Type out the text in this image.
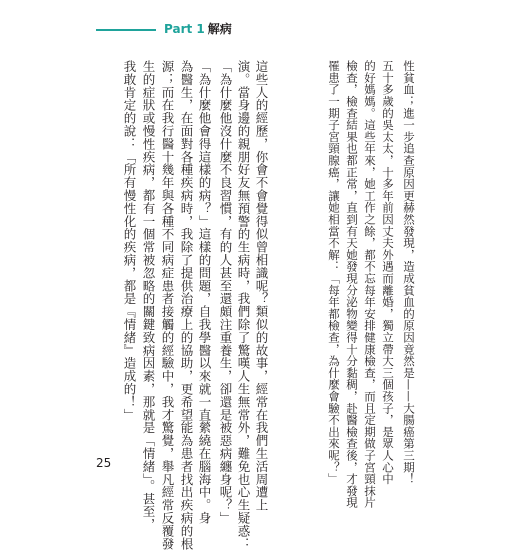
Part 1 解病
性貧血；進一步追查原因更赫然發現，造成貧血的原因竟然是——大腸癌第三期！
五十多歲的吳太太，十多年前因丈夫外遇而離婚，獨立帶大三個孩子，是眾人心中
的好媽媽。這些年來，她工作之餘，都不忘每年安排健康檢查，而且定期做子宮頸抹片
檢查，檢查結果也都正常，直到有天她發現分泌物變得十分黏稠，赴醫檢查後，才發現
罹患了一期子宮頸腺癌，讓她相當不解：「每年都檢查，為什麼會驗不出來呢？」
這些人的經歷，你會不會覺得似曾相識呢？類似的故事，經常在我們生活周遭上
演。當身邊的親朋好友無預警的生病時，我們除了驚嘆人生無常外，難免也心生疑惑：
「為什麼他沒什麼不良習慣，有的人甚至還頗注重養生，卻還是被惡病纏身呢？」
「為什麼他會得這樣的病？」這樣的問題，自我學醫以來就一直縈繞在腦海中。身
為醫生，在面對各種疾病時，我除了提供治療上的協助，更希望能為患者找出疾病的根
源；而在我行醫十幾年與各種不同病症患者接觸的經驗中，我才驚覺，舉凡經常反覆發
生的症狀或慢性疾病，都有一個常被忽略的關鍵致病因素，那就是「情緒」。甚至，
我敢肯定的說：「所有慢性化的疾病，都是『情緒』造成的！」
25
